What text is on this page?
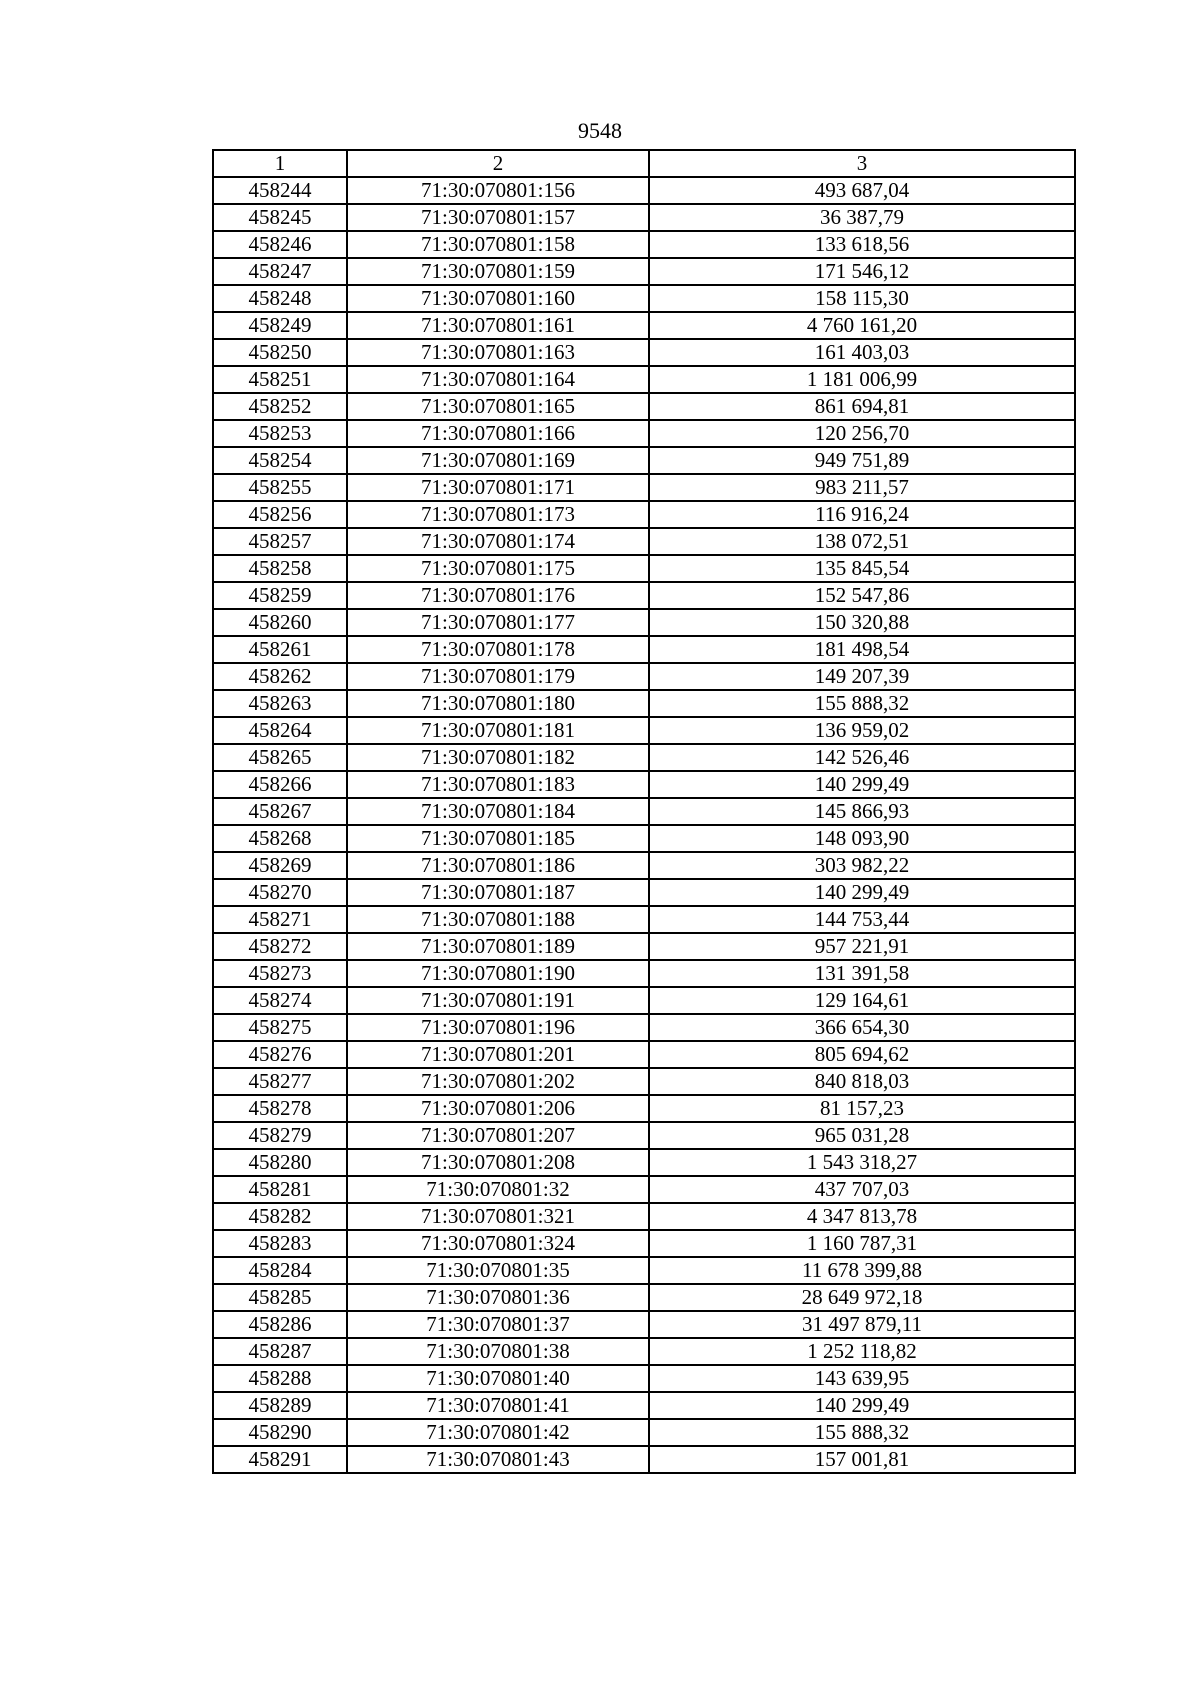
9548
1	2	3
458244	71:30:070801:156	493 687,04
458245	71:30:070801:157	36 387,79
458246	71:30:070801:158	133 618,56
458247	71:30:070801:159	171 546,12
458248	71:30:070801:160	158 115,30
458249	71:30:070801:161	4 760 161,20
458250	71:30:070801:163	161 403,03
458251	71:30:070801:164	1 181 006,99
458252	71:30:070801:165	861 694,81
458253	71:30:070801:166	120 256,70
458254	71:30:070801:169	949 751,89
458255	71:30:070801:171	983 211,57
458256	71:30:070801:173	116 916,24
458257	71:30:070801:174	138 072,51
458258	71:30:070801:175	135 845,54
458259	71:30:070801:176	152 547,86
458260	71:30:070801:177	150 320,88
458261	71:30:070801:178	181 498,54
458262	71:30:070801:179	149 207,39
458263	71:30:070801:180	155 888,32
458264	71:30:070801:181	136 959,02
458265	71:30:070801:182	142 526,46
458266	71:30:070801:183	140 299,49
458267	71:30:070801:184	145 866,93
458268	71:30:070801:185	148 093,90
458269	71:30:070801:186	303 982,22
458270	71:30:070801:187	140 299,49
458271	71:30:070801:188	144 753,44
458272	71:30:070801:189	957 221,91
458273	71:30:070801:190	131 391,58
458274	71:30:070801:191	129 164,61
458275	71:30:070801:196	366 654,30
458276	71:30:070801:201	805 694,62
458277	71:30:070801:202	840 818,03
458278	71:30:070801:206	81 157,23
458279	71:30:070801:207	965 031,28
458280	71:30:070801:208	1 543 318,27
458281	71:30:070801:32	437 707,03
458282	71:30:070801:321	4 347 813,78
458283	71:30:070801:324	1 160 787,31
458284	71:30:070801:35	11 678 399,88
458285	71:30:070801:36	28 649 972,18
458286	71:30:070801:37	31 497 879,11
458287	71:30:070801:38	1 252 118,82
458288	71:30:070801:40	143 639,95
458289	71:30:070801:41	140 299,49
458290	71:30:070801:42	155 888,32
458291	71:30:070801:43	157 001,81
